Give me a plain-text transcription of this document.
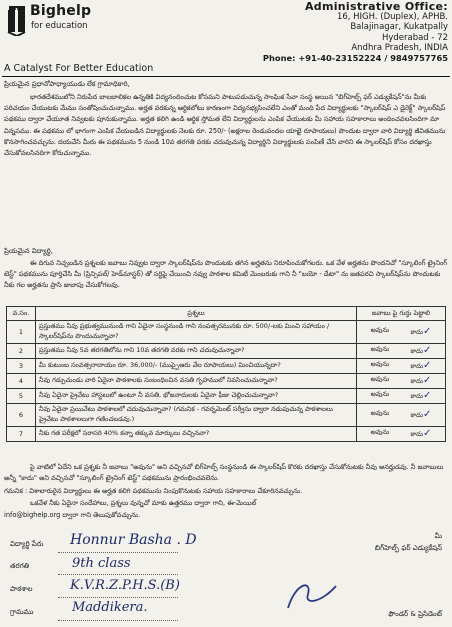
Bighelp
for education
A Catalyst For Better Education
Administrative Office:
16, HIGH. (Duplex), APHB.
Balajinagar, Kukatpally
Hyderabad - 72
Andhra Pradesh, INDIA
Phone: +91-40-23152224 / 9849757765
ప్రియమైన ప్రధానోపాధ్యాయుడు లేక గ్రామాధికారి,

భారతదేశములోని నిరుపేద బాలబాలికల ఉన్నతికి విద్యనందించుట కోసమని పాటుపడుచున్న సాంఘిక సేవా సంస్థ అయిన "బిగ్‌హెల్ప్ ఫర్ ఎడ్యుకేషన్"ను మీకు పరిచయం చేయుటకు మేము సంతోషించుచున్నాము. అర్హత వరకున్న ఆర్థికలోటు కారణంగా విద్యనభ్యసించలేని ఎంతో మంది పేద విద్యార్థులకు "స్కాలర్‌షిప్ ఎ డైరెక్ట్" స్కాలర్‌షిప్ పథకము ద్వారా చేయూత నివ్వటకు పూనుకున్నాము. అర్హత కలిగి ఉండి ఆర్థిక స్తోమత లేని విద్యార్థులను ఎంపిక చేయుటకు మీ సహాయ సహకారాలు అందించవలసిందిగా మా విన్నపము. ఈ పథకము లో భాగంగా ఎంపిక చేయబడిన విద్యార్థులకు నెలకు రూ. 250/- (అక్షరాల రెండువందల యాభై రూపాయలు) పొందుట ద్వారా వారి విద్యార్థి జీవితమును కొనసాగించవచ్చును. దయచేసి మీరు ఈ పథకమును 5 నుండి 10వ తరగతి వరకు చదువుచున్న విద్యార్థిని విద్యార్థులకు పంపిణీ చేసి వారిని ఈ స్కాలర్‌షిప్ కోసం దరఖాస్తు చేసుకోవలసినదిగా కోరుచున్నాము.

ప్రియమైన విద్యార్థి,

ఈ దిగువ నిచ్చబడిన ప్రశ్నలకు జవాబు నివ్వుట ద్వారా స్కాలర్‌షిప్‌ను పొందుటకు తగిన అర్హతను నిరూపించుకోగలరు. ఒక వేళ అర్హతను పొందనిచో "స్కూలింగ్ ట్రైనింగ్ టెస్ట్" పథకమును పూర్తిచేసి మీ (ప్రిన్సిపల్/ హెడ్‌మాస్టర్) తో సర్టిఫై చేయించి నవ్వు పాఠశాల కమిటీ మెంబరుకు గాని నీ "బయో - డేటా" ను జతపరచి స్కాలర్‌షిప్‌ను పొందుటకు నీకు గల అర్హతను ప్రాసి జుబాపు చేసుకోగలవు.

వ.సం.	ప్రశ్నలు	జవాబు పై గుర్తు పెట్టాలి
1	ప్రస్తుతము నీవు ప్రభుత్వమునుండి గాని ఏదైనా సంస్థనుండి గాని నంపత్సరమునకు రూ. 500/-లకు మించి సహాయం / స్కాలర్‌షిప్‌ను పొందుచున్నావా?	అవును కాదు✓

2	ప్రస్తుతము నీవు 5వ తరగతిలోను గాని 10వ తరగతి వరకు గాని చదువుచున్నావా?	అవును కాదు✓

3	మీ కుటుంబ సంవత్సరాదాయం రూ. 36,000/- (ముప్పైఆరు వేల రూపాయలు) మించియున్నదా?	అవును కాదు✓

4	నీవు గడ్పుచుండు వారి ఏదైనా పాఠశాలకు సంబంధించిన వసతి గృహములో నివసించుచున్నావా?	అవును కాదు✓

5	నీవు ఏదైనా ప్రైవేటు హాస్టలులో ఉంటూ నీ వసతి, భోజనాదులకు ఏదైనా ఫీజు చెల్లించుచున్నావా?	అవును కాదు✓

6	నీవు ఏదైనా ప్రయివేటు పాఠశాలలో చదువుచున్నావా? (గమనిక - గవర్నమెంట్ సర్వీసు ద్వారా నడుపుచున్న పాఠశాలలు ప్రైవేటు పాఠశాలలుగా గణించబడవు.)	అవును కాదు✓

7	నీకు గత పరీక్షలో సరాసరి 40% కన్నా తక్కువ మార్కులు వచ్చినవా?	అవును కాదు✓

పై వాటిలో ఏదేని ఒక ప్రశ్నకు నీ జవాబు "అవును" అని వచ్చినచో బిగ్‌హెల్ప్ సంస్థనుండి ఈ స్కాలర్‌షిప్ కొరకు దరఖాస్తు చేసుకోనుటకు నీవు అనర్హుడవు. నీ జవాబులు అన్నీ "కాదు" అని వచ్చినచో "స్కూలింగ్ ట్రైనింగ్ టెస్ట్" పథకమును ప్రారంభించవలెను.

గమనిక : విశాలారురైన విద్యార్థులు ఈ అర్హత కలిగి పథకమును నింపుకొనుటకు సహాయ సహకారాలు చేకూరినవచ్చును.

ఒకవేళ నీకు ఏదైనా సందేహాలు, ప్రశ్నలు వున్నచో మాకు ఉత్తరము ద్వారా గాని, ఈ-మెయిల్

info@bighelp.org ద్వారా గాని తెలుపుకోవచ్చును.
విద్యార్థి పేరు Honnur Basha . D
తరగతి	9th class
పాఠశాల	K.V.R.Z.P.H.S.(B)
గ్రామము	Maddikera.
మీ
బిగ్‌హెల్ప్ ఫర్ ఎడ్యుకేషన్
ఫౌండర్ & ప్రెసిడెంట్
